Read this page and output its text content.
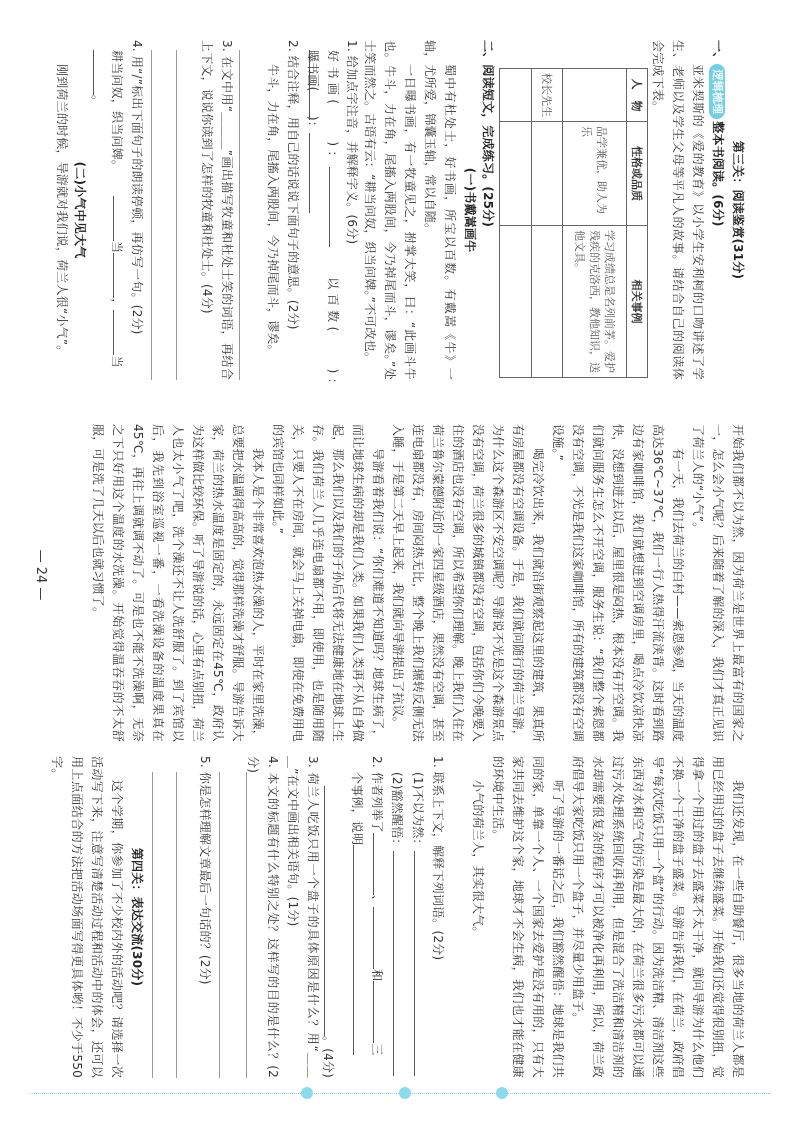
第三关：阅读鉴赏(31分)
一、逻辑梳理整本书阅读。(6分)
亚米契斯的《爱的教育》以小学生安利柯的口吻讲述了学生、老师以及学生父母等平凡人的故事。请结合自己的阅读体会完成下表。
人　物	性格或品质	相关事例
	品学兼优，助人为乐	学习成绩总是名列前茅。爱护残疾的克洛西，教他知识，送他文具。
校长先生		

二、阅读短文，完成练习。(25分)
(一)书戴嵩画牛
蜀中有杜处士，好书画，所宝以百数。有戴嵩《牛》一轴，尤所爱，锦囊玉轴，常以自随。
一日曝书画，有一牧童见之，拊掌大笑，曰：“此画斗牛也。牛斗，力在角，尾搐入两股间，今乃掉尾而斗，谬矣。”处士笑而然之。古语有云：“耕当问奴，织当问婢。”不可改也。
1. 给加点字注音，并解释字义。(6分)
好书画(　　)： 以百数(　　)：
曝书画(　　)：
2. 结合注释，用自己的话说说下面句子的意思。(2分)
牛斗，力在角，尾搐入两股间，今乃掉尾而斗，谬矣。
3. 在文中用“＿＿＿”画出描写牧童和杜处士笑的词语，再结合上下文，说说你读到了怎样的牧童和杜处士。(4分)
4. 用“/”标出下面句子的朗读停顿，再仿写一句。(2分)
耕当问奴，织当问婢。 当，当
。
(二)小气中见大气
刚到荷兰的时候，导游就对我们说，荷兰人很“小气”。

开始我们都不以为然，因为荷兰是世界上最富有的国家之一，怎么会小气呢？后来随着了解的深入，我们才真正见识了荷兰人的“小气”。

有一天，我们去荷兰的白村——索恩参观，当天的温度高达36℃~37℃，我们一行人热得汗流浃背。这时看到路边有家咖啡馆，我们就想进到空调房里，喝点冷饮凉快凉快，没想到进去以后，屋里很是闷热，根本没有开空调。我们就问服务生怎么不开空调，服务生说：“我们整个索恩都没有空调，不光是我们这家咖啡馆，所有的建筑都没有空调设施。”

喝完冷饮出来，我们就沿街观察起这里的建筑，果真所有房屋都没有空调设备。于是，我们就问随行的荷兰导游，为什么这个森游区不安空调呢？导游说不光是这个森游景点没有空调，荷兰很多的城镇都没有空调，包括你们今晚要入住的酒店也没有空调，所以希望你们理解。晚上我们入住在荷兰鲁尔蒙德附近的一家四星级酒店，果然没有空调，甚至连电扇都没有，房间闷热无比，整个晚上我们辗转反侧无法入睡，于是第二天早上起来，我们就向导游提出了抗议。

导游看着我们说：“你们难道不知道吗？地球生病了，而让地球生病的却是我们人类。如果我们人类再不从自身做起，那么我们以及我们的子孙后代将无法健康地在地球上生存。我们荷兰人几乎连电扇都不用，即使用，也是随用随关，只要人不在房间，就会马上关掉电扇，即使在免费用电的宾馆也同样如此。”

我本人是个非常喜欢泡热水澡的人，平时在家里洗澡，总要把水温调得高高的，觉得那样洗澡才舒服。导游告诉大家，荷兰的热水温度是固定的，永远固定在45℃，政府认为这样做比较环保。听了导游说的话，心里有点别扭，荷兰人也太小气了吧，洗个澡还不让人洗舒服了。到了宾馆以后，我先到浴室巡视一番，一看洗澡设备的温度果真在45℃，再往上调就调不动了。可是也不能不洗澡啊，无奈之下只好用这个温度的水洗澡。开始觉得温吞吞的不太舒服，可是洗了几天以后也就习惯了。

— 24 —

我们还发现，在一些自助餐厅，很多当地的荷兰人都是用已经用过的盘子去继续盛菜。开始我们还觉得很别扭，觉得拿一个用过的盘子去盛菜不太干净，就问导游为什么他们不换一个干净的盘子盛菜。导游告诉我们，在荷兰，政府倡导“每次吃饭只用一个盘”的行动。因为洗洁精、清洁剂这些东西对水和空气的污染是最大的，在荷兰很多污水都可以通过污水处理系统回收再利用，但是混合了洗洁精和清洁剂的水却需要很复杂的程序才可以被净化再利用，所以，荷兰政府倡导大家吃饭只用一个盘子，并尽量少用盘子。

听了导游的一番话之后，我们豁然醒悟：地球是我们共同的家，单靠一个人、一个国家去爱护是没有用的，只有大家共同去维护这个家，地球才不会生病，我们也才能在健康的环境中生活。

小气的荷兰人，其实很大气。

1. 联系上下文，解释下列词语。(2分)
(1)不以为然：
(2)豁然醒悟：
2. 作者列举了、和三
个事例，说明
。(4分)
3. 荷兰人吃饭只用一个盘子的具体原因是什么？用“＿＿＿”在文中画出相关语句。(1分)
4. 本文的标题有什么特别之处？这样写的目的是什么？(2分)
5. 你是怎样理解文章最后一句话的？(2分)
第四关：表达交流(30分)
这个学期，你参加了不少校内外的活动吧？请选择一次活动写下来，注意写清楚活动过程和活动中的体会，还可以用上点面结合的方法把活动场面写得更具体哟！不少于550字。
